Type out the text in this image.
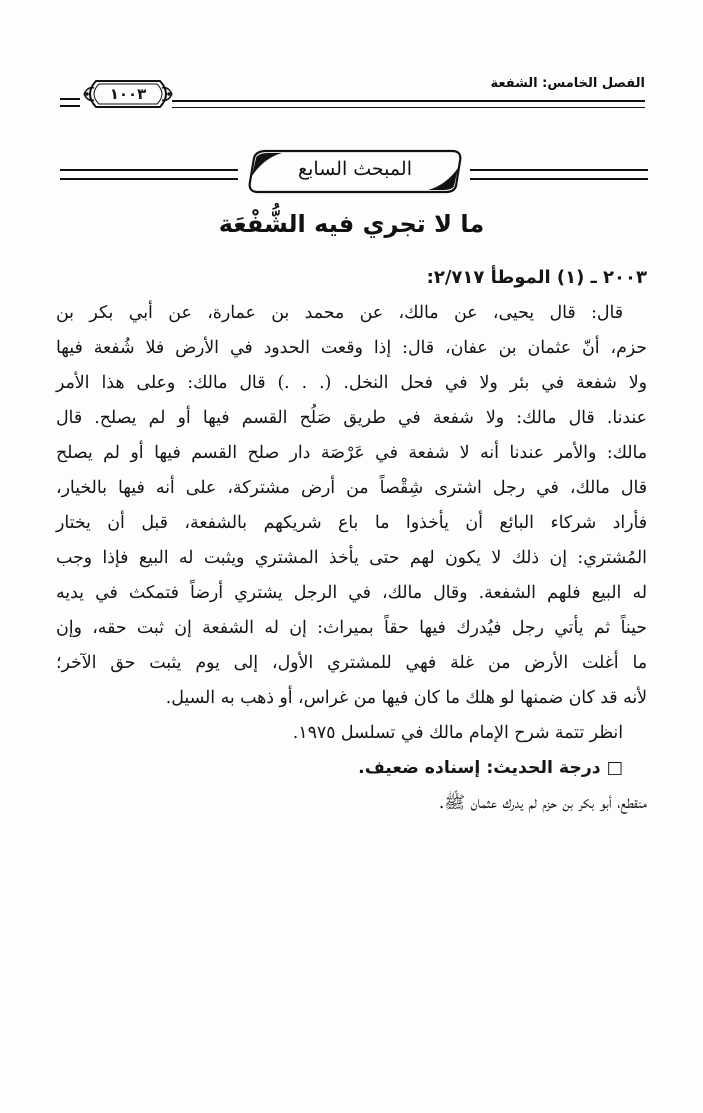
الفصل الخامس: الشفعة
١٠٠٣
المبحث السابع
ما لا تجري فيه الشُّفْعَة
٢٠٠٣ ـ (١) الموطأ ٢/٧١٧:
قال: قال يحيى، عن مالك، عن محمد بن عمارة، عن أبي بكر بن
حزم، أنّ عثمان بن عفان، قال: إذا وقعت الحدود في الأرض فلا شُفعة فيها
ولا شفعة في بئر ولا في فحل النخل. (. . .) قال مالك: وعلى هذا الأمر
عندنا. قال مالك: ولا شفعة في طريق صَلُح القسم فيها أو لم يصلح. قال
مالك: والأمر عندنا أنه لا شفعة في عَرْصَة دار صلح القسم فيها أو لم يصلح
قال مالك، في رجل اشترى شِقْصاً من أرض مشتركة، على أنه فيها بالخيار،
فأراد شركاء البائع أن يأخذوا ما باع شريكهم بالشفعة، قبل أن يختار
المُشتري: إن ذلك لا يكون لهم حتى يأخذ المشتري ويثبت له البيع فإذا وجب
له البيع فلهم الشفعة. وقال مالك، في الرجل يشتري أرضاً فتمكث في يديه
حيناً ثم يأتي رجل فيُدرك فيها حقاً بميراث: إن له الشفعة إن ثبت حقه، وإن
ما أغلت الأرض من غلة فهي للمشتري الأول، إلى يوم يثبت حق الآخر؛
لأنه قد كان ضمنها لو هلك ما كان فيها من غراس، أو ذهب به السيل.
انظر تتمة شرح الإمام مالك في تسلسل ١٩٧٥.
□درجة الحديث: إسناده ضعيف.
منقطع، أبو بكر بن حزم لم يدرك عثمان ﷺ.
